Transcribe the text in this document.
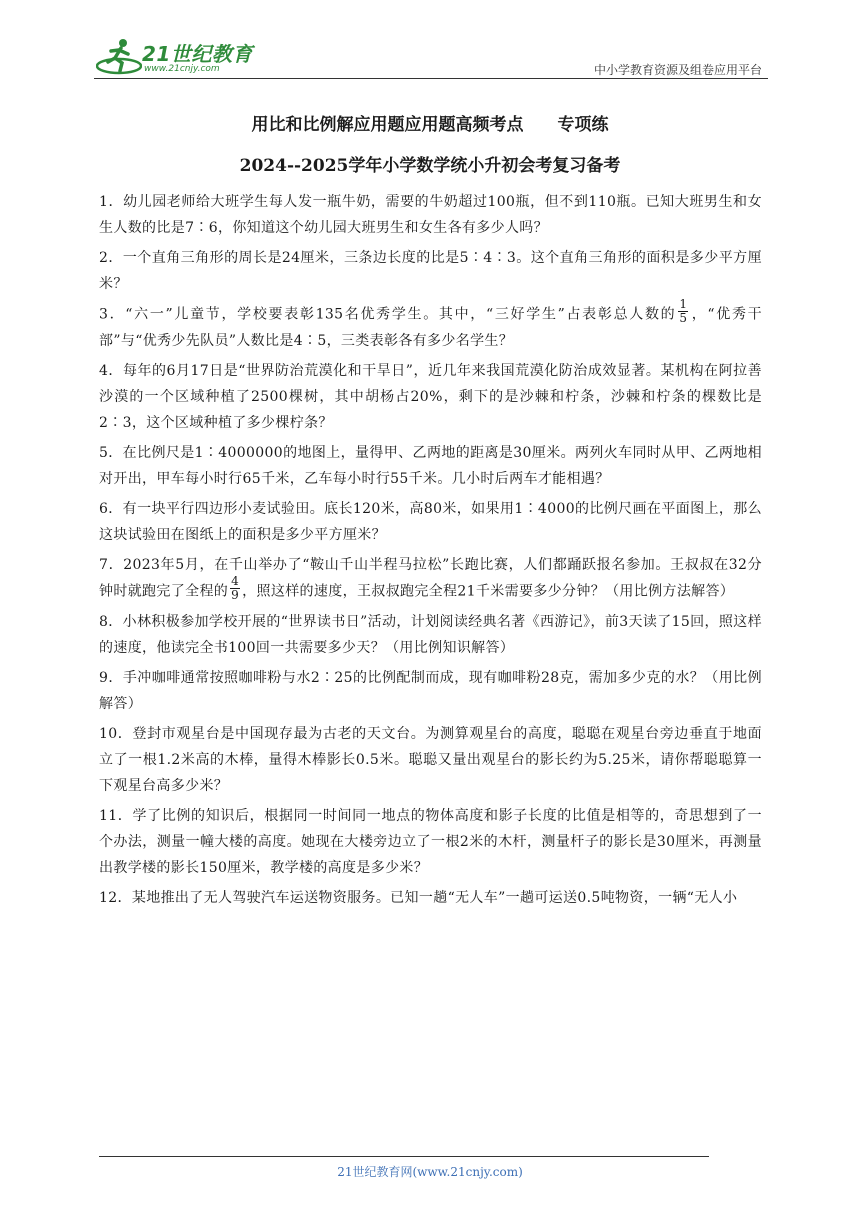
21世纪教育
www.21cnjy.com	中小学教育资源及组卷应用平台
用比和比例解应用题应用题高频考点　　专项练
2024--2025学年小学数学统小升初会考复习备考
1．幼儿园老师给大班学生每人发一瓶牛奶，需要的牛奶超过100瓶，但不到110瓶。已知大班男生和女生人数的比是7∶6，你知道这个幼儿园大班男生和女生各有多少人吗？
2．一个直角三角形的周长是24厘米，三条边长度的比是5∶4∶3。这个直角三角形的面积是多少平方厘米？
3．“六一”儿童节，学校要表彰135名优秀学生。其中，“三好学生”占表彰总人数的 $\frac{1}{5}$ ，“优秀干部”与“优秀少先队员”人数比是4∶5，三类表彰各有多少名学生？
4．每年的6月17日是“世界防治荒漠化和干旱日”，近几年来我国荒漠化防治成效显著。某机构在阿拉善沙漠的一个区域种植了2500棵树，其中胡杨占20%，剩下的是沙棘和柠条，沙棘和柠条的棵数比是2∶3，这个区域种植了多少棵柠条？
5．在比例尺是1∶4000000的地图上，量得甲、乙两地的距离是30厘米。两列火车同时从甲、乙两地相对开出，甲车每小时行65千米，乙车每小时行55千米。几小时后两车才能相遇？
6．有一块平行四边形小麦试验田。底长120米，高80米，如果用1∶4000的比例尺画在平面图上，那么这块试验田在图纸上的面积是多少平方厘米？
7．2023年5月，在千山举办了“鞍山千山半程马拉松”长跑比赛，人们都踊跃报名参加。王叔叔在32分钟时就跑完了全程的 $\frac{4}{9}$ ，照这样的速度，王叔叔跑完全程21千米需要多少分钟？（用比例方法解答）
8．小林积极参加学校开展的“世界读书日”活动，计划阅读经典名著《西游记》，前3天读了15回，照这样的速度，他读完全书100回一共需要多少天？（用比例知识解答）
9．手冲咖啡通常按照咖啡粉与水2∶25的比例配制而成，现有咖啡粉28克，需加多少克的水？（用比例解答）
10．登封市观星台是中国现存最为古老的天文台。为测算观星台的高度，聪聪在观星台旁边垂直于地面立了一根1.2米高的木棒，量得木棒影长0.5米。聪聪又量出观星台的影长约为5.25米，请你帮聪聪算一下观星台高多少米？
11．学了比例的知识后，根据同一时间同一地点的物体高度和影子长度的比值是相等的，奇思想到了一个办法，测量一幢大楼的高度。她现在大楼旁边立了一根2米的木杆，测量杆子的影长是30厘米，再测量出教学楼的影长150厘米，教学楼的高度是多少米？
12．某地推出了无人驾驶汽车运送物资服务。已知一趟“无人车”一趟可运送0.5吨物资，一辆“无人小
21世纪教育网(www.21cnjy.com)
